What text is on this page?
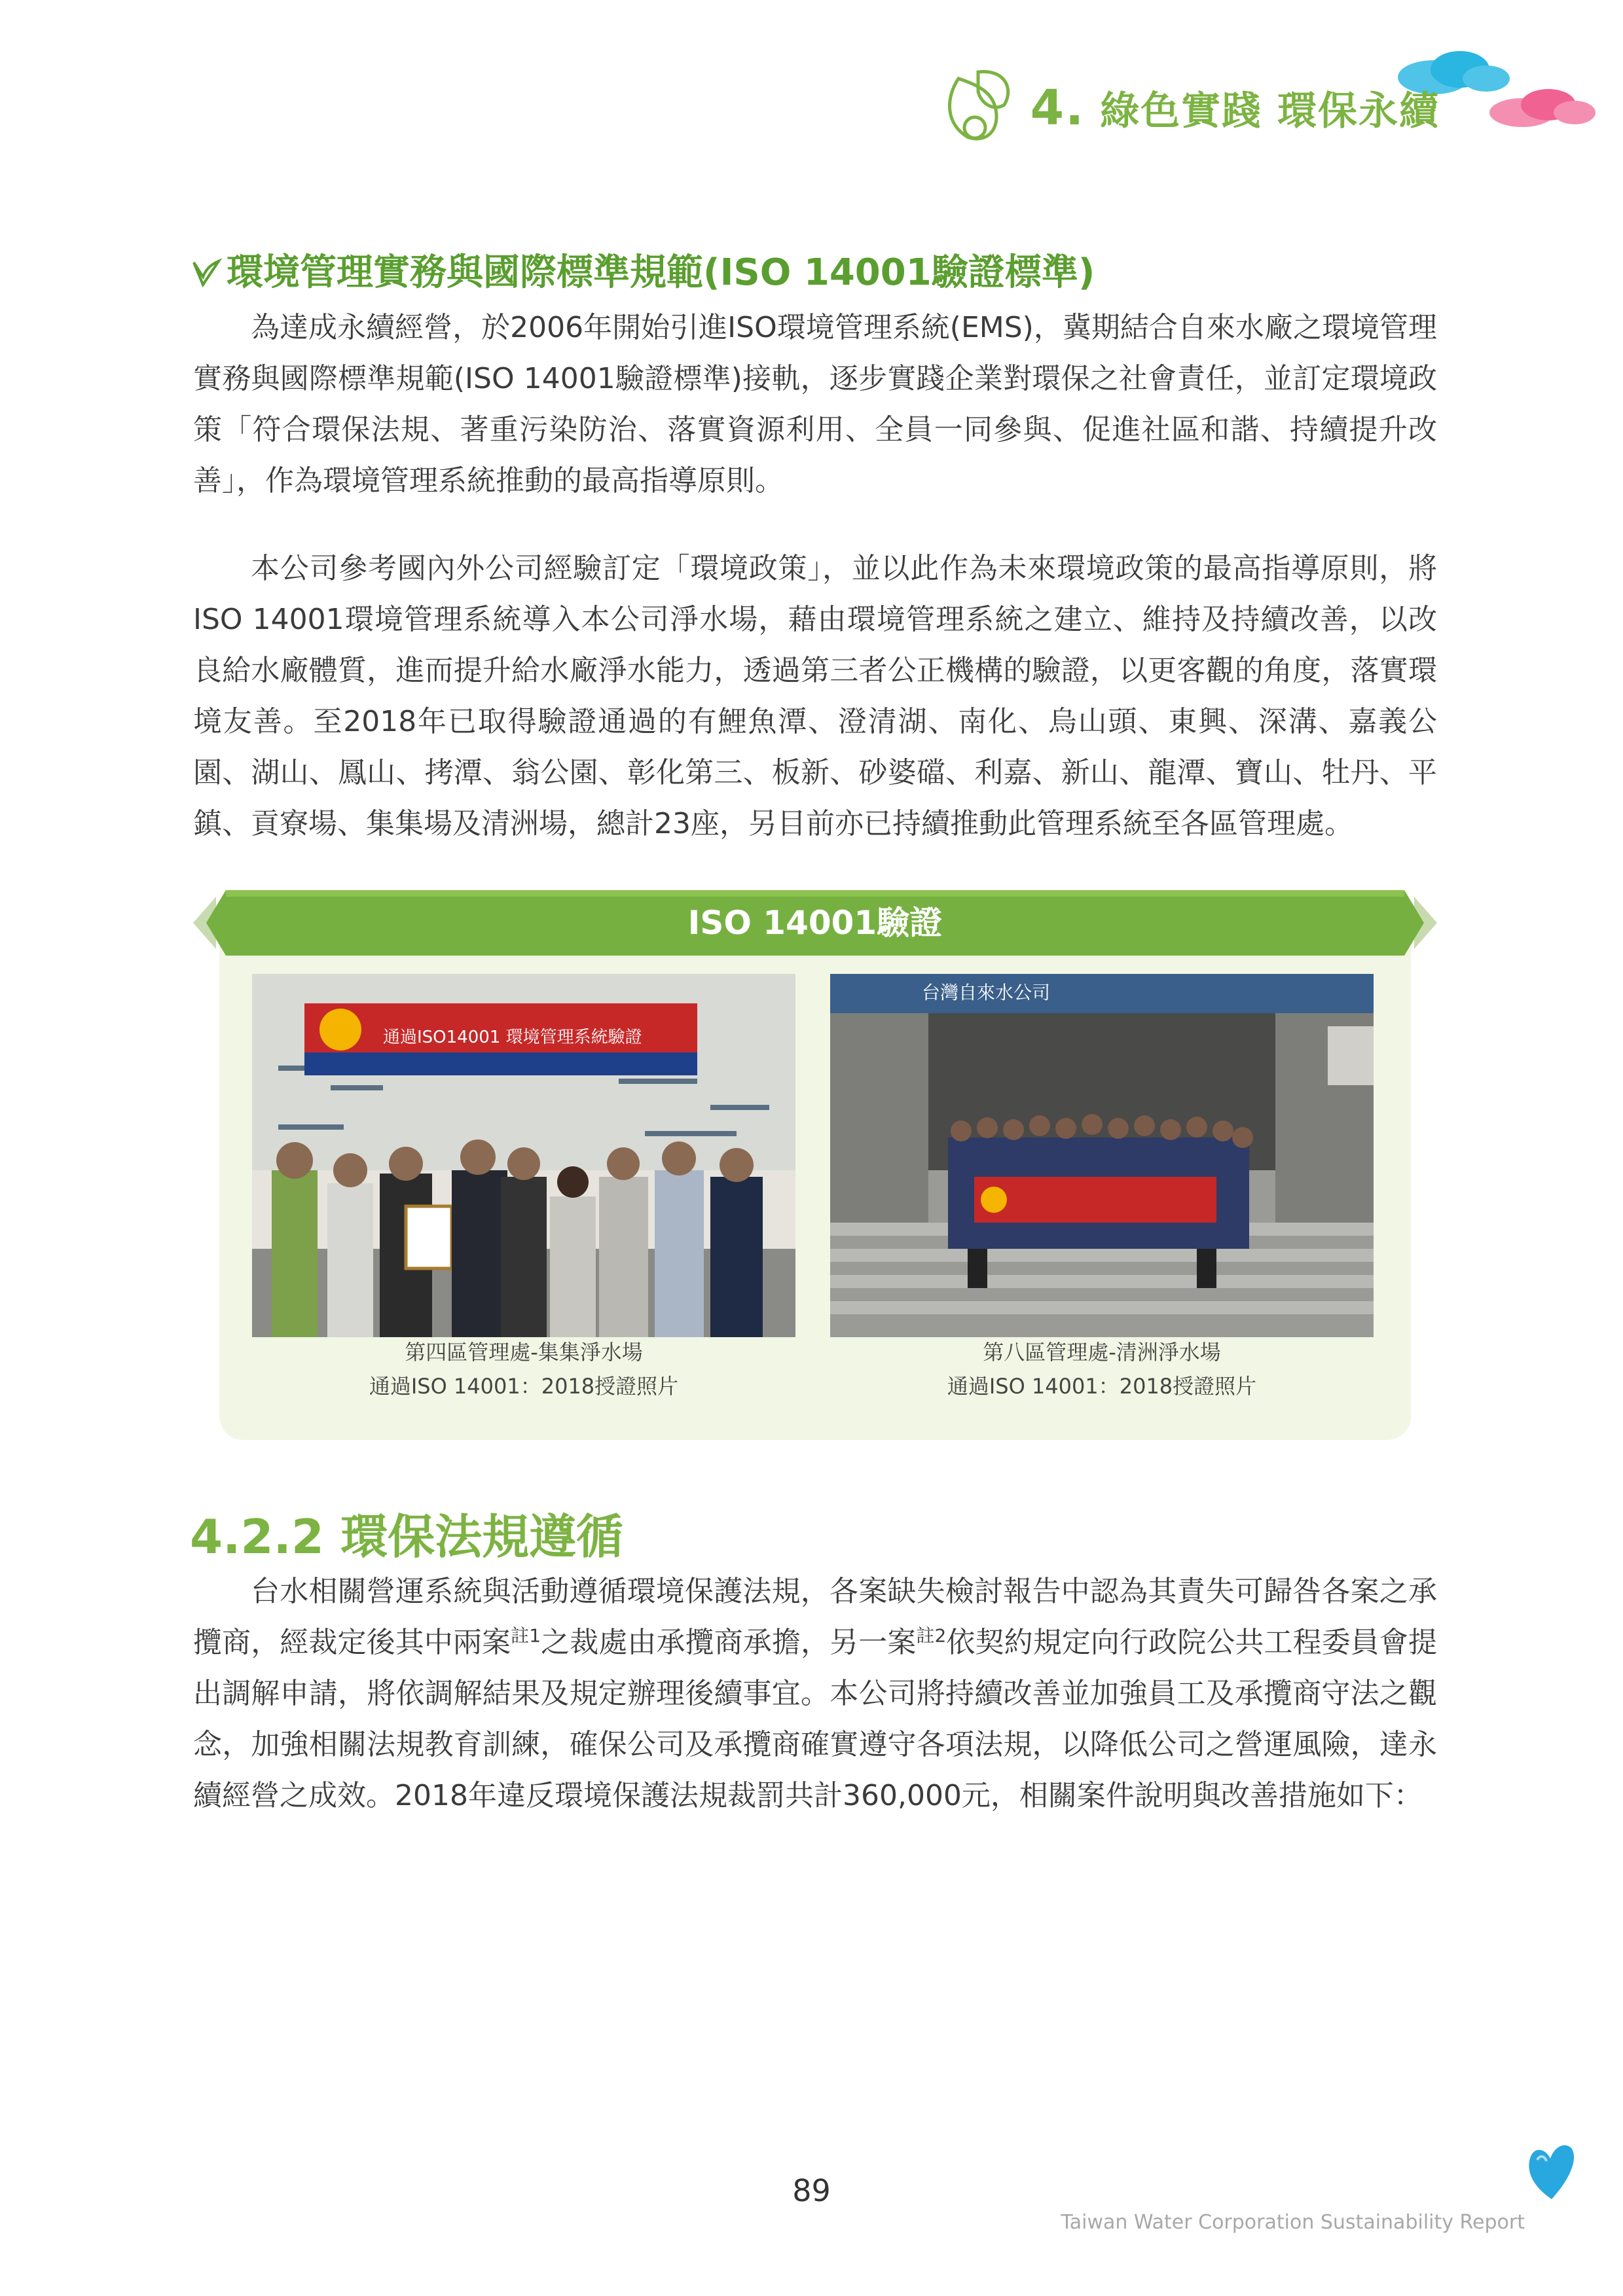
4. 綠色實踐 環保永續
環境管理實務與國際標準規範(ISO 14001驗證標準)

為達成永續經營，於2006年開始引進ISO環境管理系統(EMS)，冀期結合自來水廠之環境管理實務與國際標準規範(ISO 14001驗證標準)接軌，逐步實踐企業對環保之社會責任，並訂定環境政策「符合環保法規、著重污染防治、落實資源利用、全員一同參與、促進社區和諧、持續提升改善」，作為環境管理系統推動的最高指導原則。

本公司參考國內外公司經驗訂定「環境政策」，並以此作為未來環境政策的最高指導原則，將ISO 14001環境管理系統導入本公司淨水場，藉由環境管理系統之建立、維持及持續改善，以改良給水廠體質，進而提升給水廠淨水能力，透過第三者公正機構的驗證，以更客觀的角度，落實環境友善。至2018年已取得驗證通過的有鯉魚潭、澄清湖、南化、烏山頭、東興、深溝、嘉義公園、湖山、鳳山、拷潭、翁公園、彰化第三、板新、砂婆礑、利嘉、新山、龍潭、寶山、牡丹、平鎮、貢寮場、集集場及清洲場，總計23座，另目前亦已持續推動此管理系統至各區管理處。

ISO 14001驗證
通過ISO14001 環境管理系統驗證
第四區管理處-集集淨水場
通過ISO 14001：2018授證照片
台灣自來水公司
第八區管理處-清洲淨水場
通過ISO 14001：2018授證照片
4.2.2 環保法規遵循

台水相關營運系統與活動遵循環境保護法規，各案缺失檢討報告中認為其責失可歸咎各案之承攬商，經裁定後其中兩案$^{註1}$之裁處由承攬商承擔，另一案$^{註2}$依契約規定向行政院公共工程委員會提出調解申請，將依調解結果及規定辦理後續事宜。本公司將持續改善並加強員工及承攬商守法之觀念，加強相關法規教育訓練，確保公司及承攬商確實遵守各項法規，以降低公司之營運風險，達永續經營之成效。2018年違反環境保護法規裁罰共計360,000元，相關案件說明與改善措施如下：

89
Taiwan Water Corporation Sustainability Report
